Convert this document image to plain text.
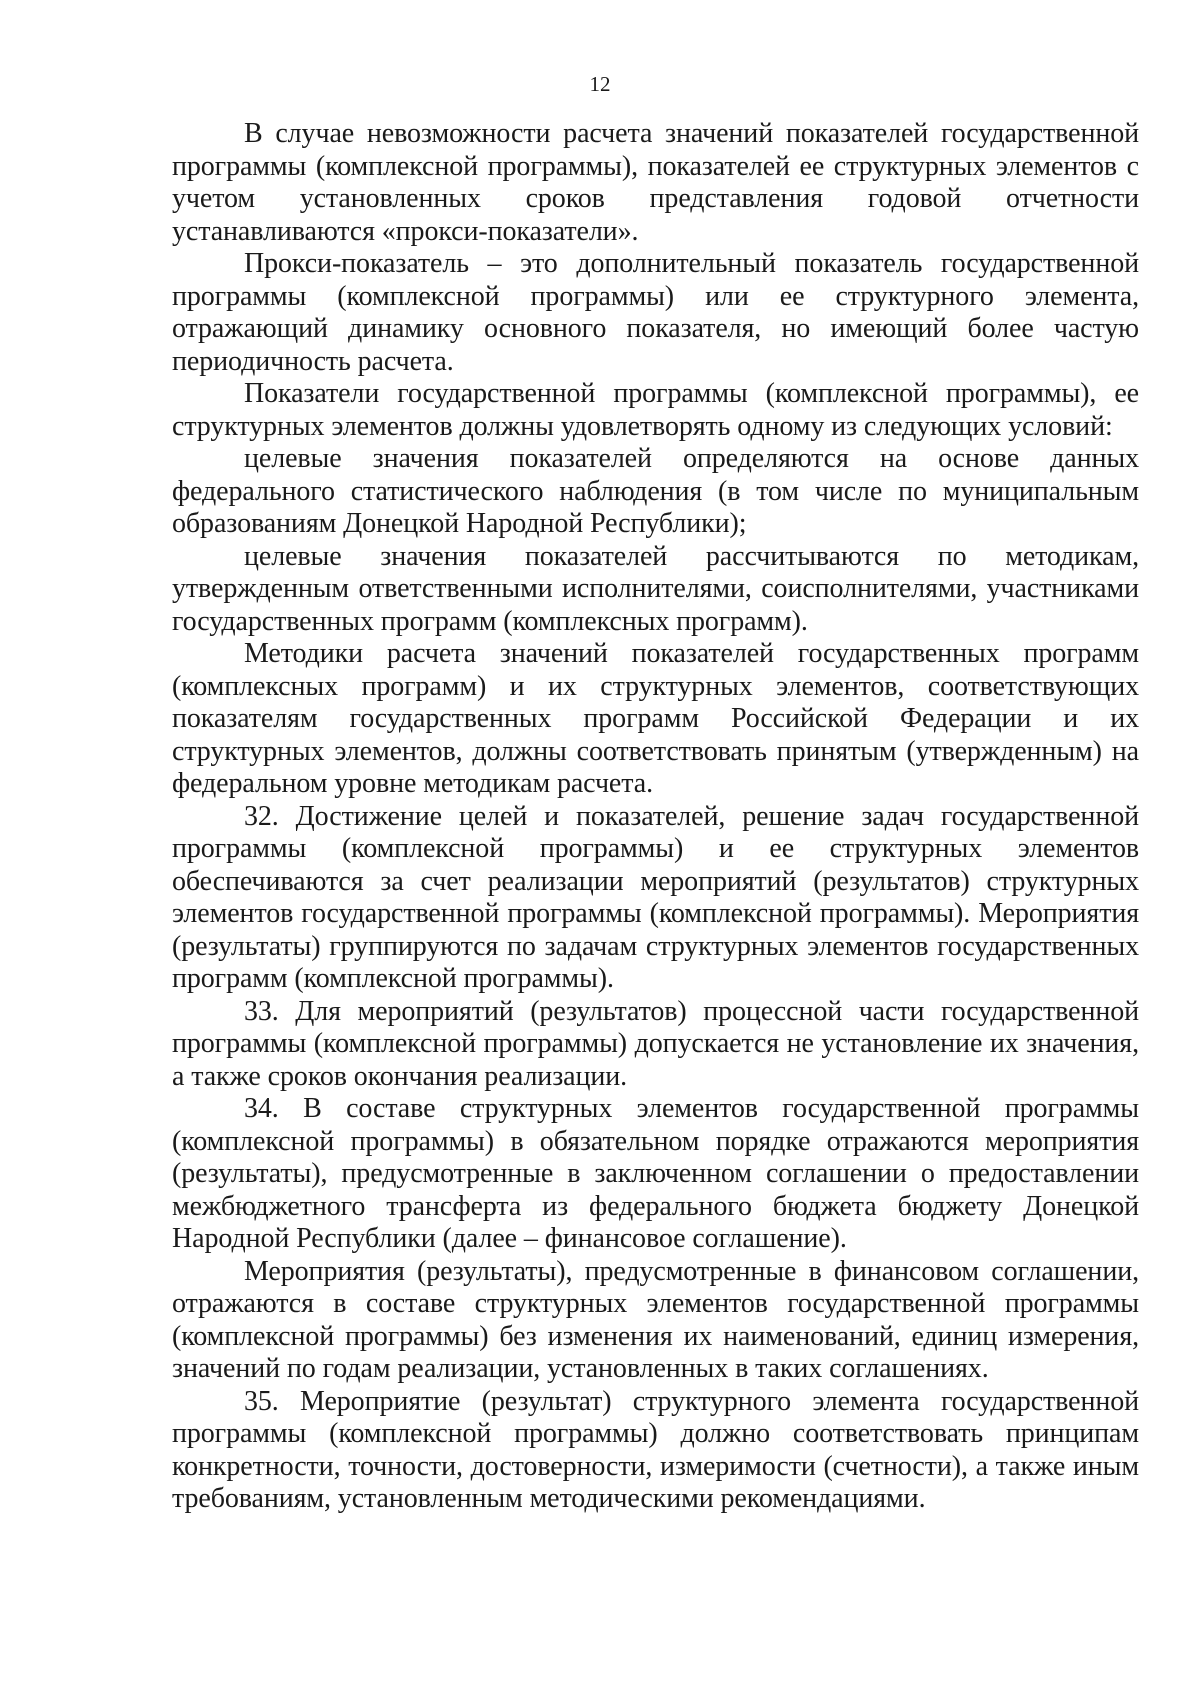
12

В случае невозможности расчета значений показателей государственной программы (комплексной программы), показателей ее структурных элементов с учетом установленных сроков представления годовой отчетности устанавливаются «прокси-показатели».

Прокси-показатель – это дополнительный показатель государственной программы (комплексной программы) или ее структурного элемента, отражающий динамику основного показателя, но имеющий более частую периодичность расчета.

Показатели государственной программы (комплексной программы), ее структурных элементов должны удовлетворять одному из следующих условий:

целевые значения показателей определяются на основе данных федерального статистического наблюдения (в том числе по муниципальным образованиям Донецкой Народной Республики);

целевые значения показателей рассчитываются по методикам, утвержденным ответственными исполнителями, соисполнителями, участниками государственных программ (комплексных программ).

Методики расчета значений показателей государственных программ (комплексных программ) и их структурных элементов, соответствующих показателям государственных программ Российской Федерации и их структурных элементов, должны соответствовать принятым (утвержденным) на федеральном уровне методикам расчета.

32. Достижение целей и показателей, решение задач государственной программы (комплексной программы) и ее структурных элементов обеспечиваются за счет реализации мероприятий (результатов) структурных элементов государственной программы (комплексной программы). Мероприятия (результаты) группируются по задачам структурных элементов государственных программ (комплексной программы).

33. Для мероприятий (результатов) процессной части государственной программы (комплексной программы) допускается не установление их значения, а также сроков окончания реализации.

34. В составе структурных элементов государственной программы (комплексной программы) в обязательном порядке отражаются мероприятия (результаты), предусмотренные в заключенном соглашении о предоставлении межбюджетного трансферта из федерального бюджета бюджету Донецкой Народной Республики (далее – финансовое соглашение).

Мероприятия (результаты), предусмотренные в финансовом соглашении, отражаются в составе структурных элементов государственной программы (комплексной программы) без изменения их наименований, единиц измерения, значений по годам реализации, установленных в таких соглашениях.

35. Мероприятие (результат) структурного элемента государственной программы (комплексной программы) должно соответствовать принципам конкретности, точности, достоверности, измеримости (счетности), а также иным требованиям, установленным методическими рекомендациями.
